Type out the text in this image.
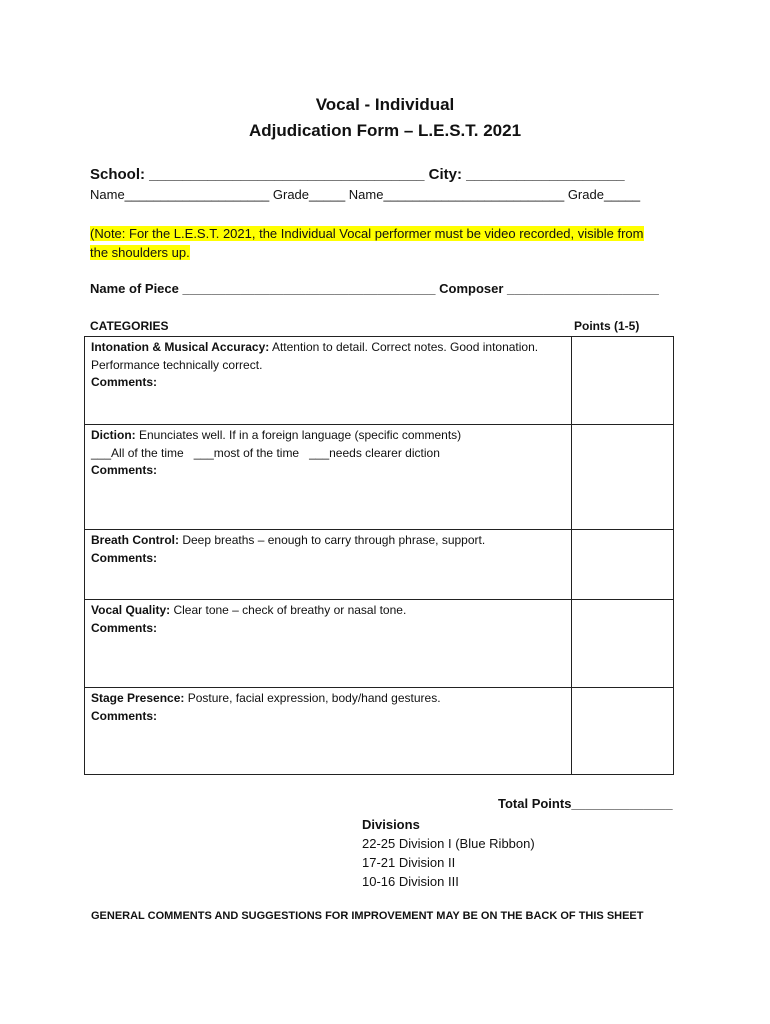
Vocal - Individual
Adjudication Form – L.E.S.T. 2021
School: _________________________________ City: ___________________
Name____________________ Grade_____ Name_________________________ Grade_____
(Note: For the L.E.S.T. 2021, the Individual Vocal performer must be video recorded, visible from the shoulders up.
Name of Piece ___________________________________ Composer _____________________
CATEGORIES	Points (1-5)
Intonation & Musical Accuracy: Attention to detail. Correct notes. Good intonation. Performance technically correct.
Comments:	

Diction: Enunciates well. If in a foreign language (specific comments)
___All of the time   ___most of the time   ___needs clearer diction
Comments:	

Breath Control: Deep breaths – enough to carry through phrase, support.
Comments:	

Vocal Quality: Clear tone – check of breathy or nasal tone.
Comments:	

Stage Presence: Posture, facial expression, body/hand gestures.
Comments:	

Total Points______________
Divisions
22-25 Division I (Blue Ribbon)
17-21 Division II
10-16 Division III
GENERAL COMMENTS AND SUGGESTIONS FOR IMPROVEMENT MAY BE ON THE BACK OF THIS SHEET
